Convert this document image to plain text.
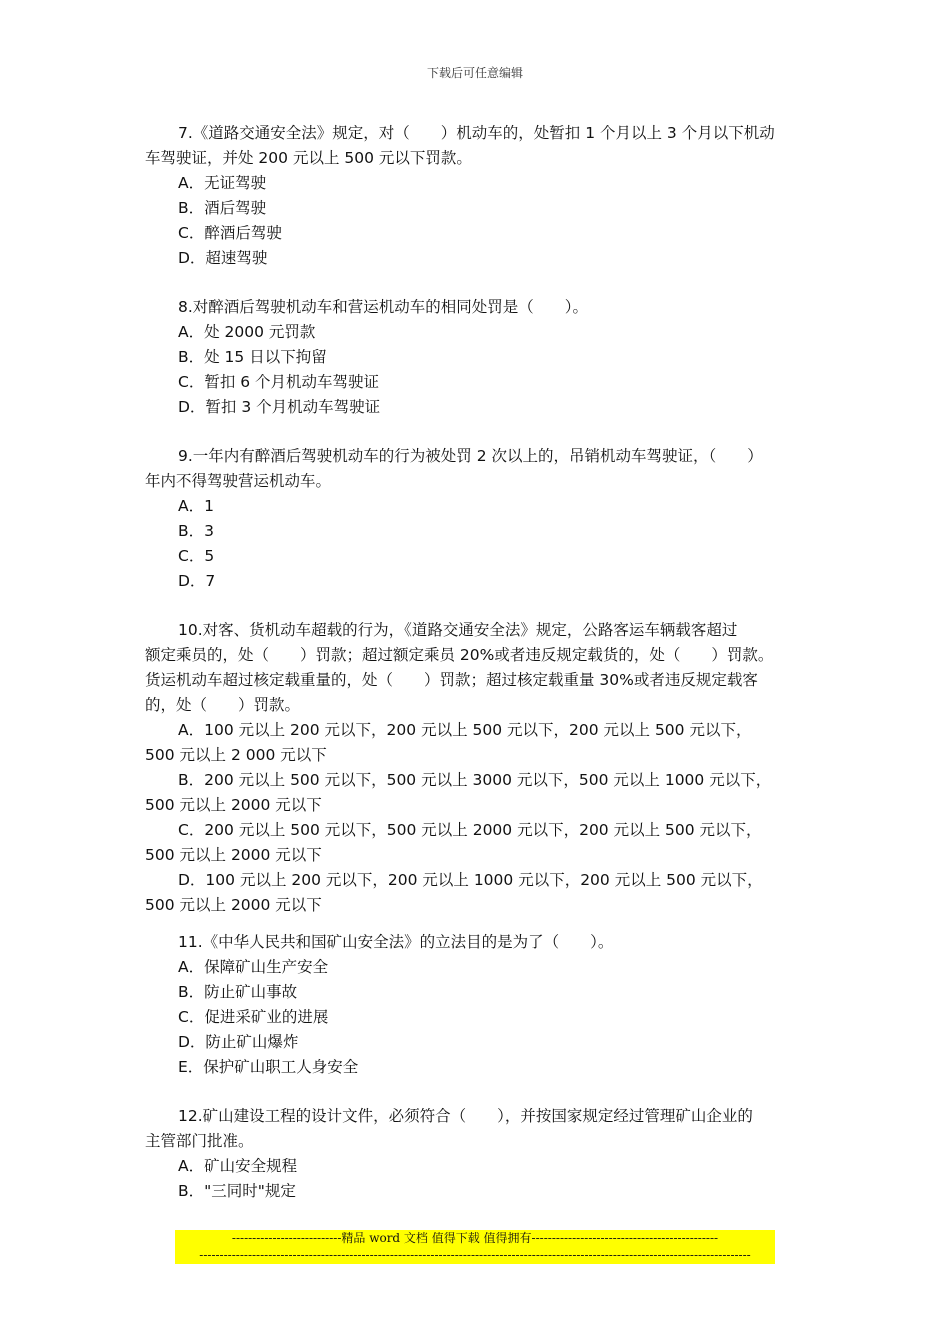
下载后可任意编辑
7.《道路交通安全法》规定，对（　　）机动车的，处暂扣 1 个月以上 3 个月以下机动
车驾驶证，并处 200 元以上 500 元以下罚款。
A．无证驾驶
B．酒后驾驶
C．醉酒后驾驶
D．超速驾驶
8.对醉酒后驾驶机动车和营运机动车的相同处罚是（　　）。
A．处 2000 元罚款
B．处 15 日以下拘留
C．暂扣 6 个月机动车驾驶证
D．暂扣 3 个月机动车驾驶证
9.一年内有醉酒后驾驶机动车的行为被处罚 2 次以上的，吊销机动车驾驶证，（　　）
年内不得驾驶营运机动车。
A．1
B．3
C．5
D．7
10.对客、货机动车超载的行为，《道路交通安全法》规定，公路客运车辆载客超过
额定乘员的，处（　　）罚款；超过额定乘员 20%或者违反规定载货的，处（　　）罚款。
货运机动车超过核定载重量的，处（　　）罚款；超过核定载重量 30%或者违反规定载客
的，处（　　）罚款。
A．100 元以上 200 元以下，200 元以上 500 元以下，200 元以上 500 元以下，
500 元以上 2 000 元以下
B．200 元以上 500 元以下，500 元以上 3000 元以下，500 元以上 1000 元以下，
500 元以上 2000 元以下
C．200 元以上 500 元以下，500 元以上 2000 元以下，200 元以上 500 元以下，
500 元以上 2000 元以下
D．100 元以上 200 元以下，200 元以上 1000 元以下，200 元以上 500 元以下，
500 元以上 2000 元以下
11.《中华人民共和国矿山安全法》的立法目的是为了（　　）。
A．保障矿山生产安全
B．防止矿山事故
C．促进采矿业的进展
D．防止矿山爆炸
E．保护矿山职工人身安全
12.矿山建设工程的设计文件，必须符合（　　），并按国家规定经过管理矿山企业的
主管部门批准。
A．矿山安全规程
B．"三同时"规定
---------------------------精品 word 文档 值得下载 值得拥有----------------------------------------------
----------------------------------------------------------------------------------------------------------------------------------------
